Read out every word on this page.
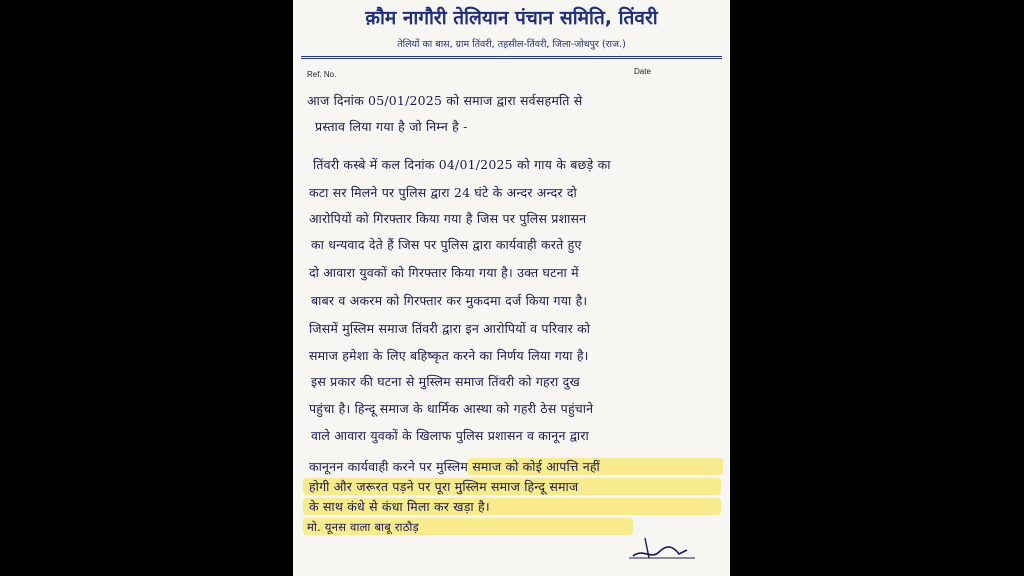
क़ौम नागौरी तेलियान पंचान समिति, तिंवरी
तेलियों का बास, ग्राम तिंवरी, तहसील-तिंवरी, जिला-जोधपुर (राज.)
Ref. No.	Date
आज दिनांक 05/01/2025 को समाज द्वारा सर्वसहमति से
प्रस्ताव लिया गया है जो निम्न है -
तिंवरी कस्बे में कल दिनांक 04/01/2025 को गाय के बछड़े का
कटा सर मिलने पर पुलिस द्वारा 24 घंटे के अन्दर अन्दर दो
आरोपियों को गिरफ्तार किया गया है जिस पर पुलिस प्रशासन
का धन्यवाद देते हैं जिस पर पुलिस द्वारा कार्यवाही करते हुए
दो आवारा युवकों को गिरफ्तार किया गया है। उक्त घटना में
बाबर व अकरम को गिरफ्तार कर मुकदमा दर्ज किया गया है।
जिसमें मुस्लिम समाज तिंवरी द्वारा इन आरोपियों व परिवार को
समाज हमेशा के लिए बहिष्कृत करने का निर्णय लिया गया है।
इस प्रकार की घटना से मुस्लिम समाज तिंवरी को गहरा दुख
पहुंचा है। हिन्दू समाज के धार्मिक आस्था को गहरी ठेस पहुंचाने
वाले आवारा युवकों के खिलाफ पुलिस प्रशासन व कानून द्वारा
कानूनन कार्यवाही करने पर मुस्लिम समाज को कोई आपत्ति नहीं
होगी और जरूरत पड़ने पर पूरा मुस्लिम समाज हिन्दू समाज
के साथ कंधे से कंधा मिला कर खड़ा है।
मो. यूनस वाला बाबू राठौड़
